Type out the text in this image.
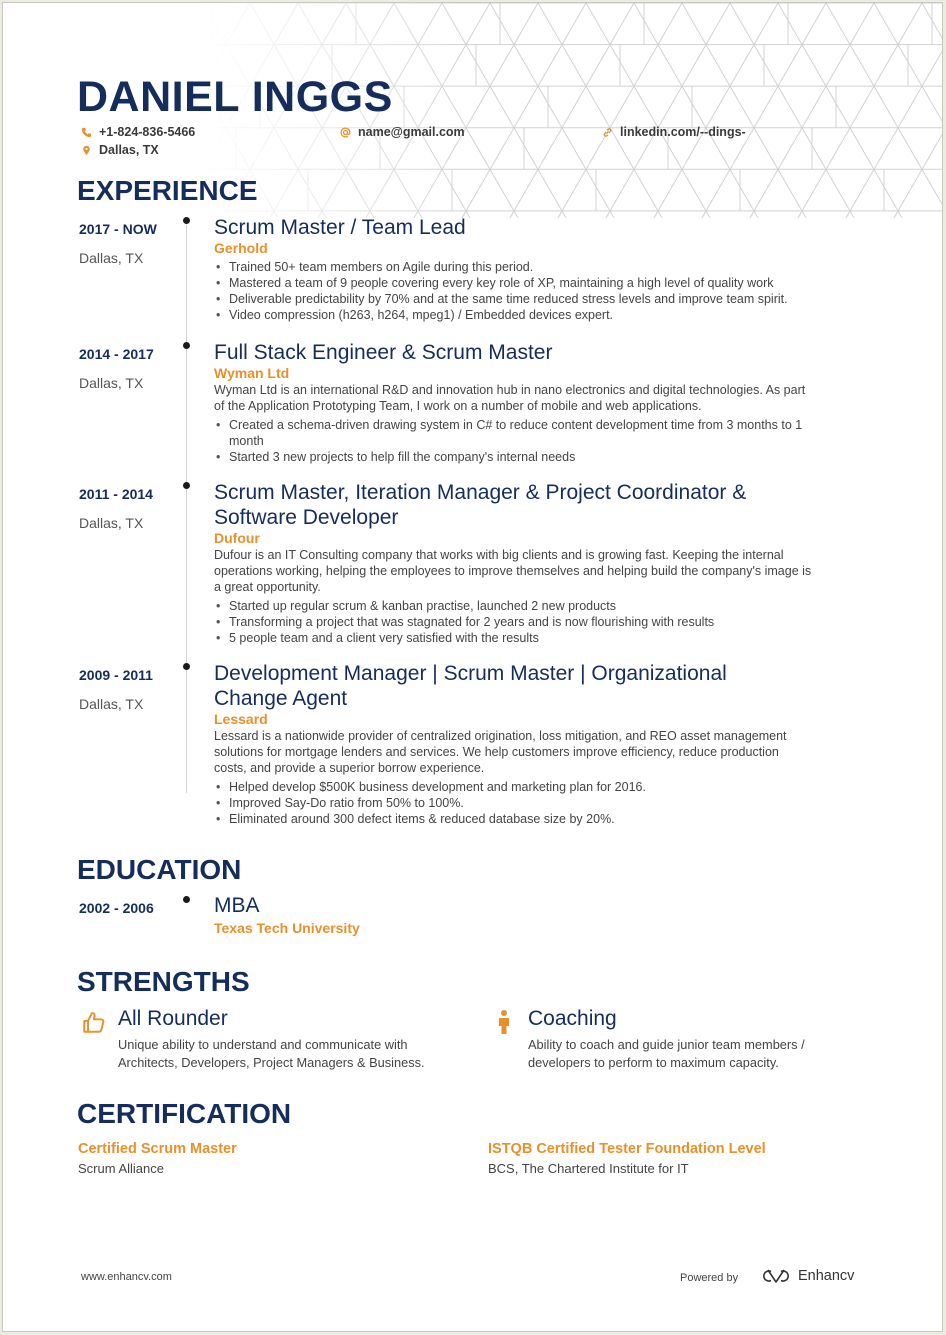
DANIEL INGGS
+1-824-836-5466	name@gmail.com	linkedin.com/--dings-
Dallas, TX
EXPERIENCE
2017 - NOW
Dallas, TX
Scrum Master / Team Lead
Gerhold
• Trained 50+ team members on Agile during this period.
• Mastered a team of 9 people covering every key role of XP, maintaining a high level of quality work
• Deliverable predictability by 70% and at the same time reduced stress levels and improve team spirit.
• Video compression (h263, h264, mpeg1) / Embedded devices expert.
2014 - 2017
Dallas, TX
Full Stack Engineer & Scrum Master
Wyman Ltd
Wyman Ltd is an international R&D and innovation hub in nano electronics and digital technologies. As part
of the Application Prototyping Team, I work on a number of mobile and web applications.
• Created a schema-driven drawing system in C# to reduce content development time from 3 months to 1
month
• Started 3 new projects to help fill the company's internal needs
2011 - 2014
Dallas, TX
Scrum Master, Iteration Manager & Project Coordinator &
Software Developer
Dufour
Dufour is an IT Consulting company that works with big clients and is growing fast. Keeping the internal
operations working, helping the employees to improve themselves and helping build the company's image is
a great opportunity.
• Started up regular scrum & kanban practise, launched 2 new products
• Transforming a project that was stagnated for 2 years and is now flourishing with results
• 5 people team and a client very satisfied with the results
2009 - 2011
Dallas, TX
Development Manager | Scrum Master | Organizational
Change Agent
Lessard
Lessard is a nationwide provider of centralized origination, loss mitigation, and REO asset management
solutions for mortgage lenders and services. We help customers improve efficiency, reduce production
costs, and provide a superior borrow experience.
• Helped develop $500K business development and marketing plan for 2016.
• Improved Say-Do ratio from 50% to 100%.
• Eliminated around 300 defect items & reduced database size by 20%.
EDUCATION
2002 - 2006	MBA
Texas Tech University
STRENGTHS
All Rounder
Unique ability to understand and communicate with
Architects, Developers, Project Managers & Business.
Coaching
Ability to coach and guide junior team members /
developers to perform to maximum capacity.
CERTIFICATION
Certified Scrum Master
Scrum Alliance
ISTQB Certified Tester Foundation Level
BCS, The Chartered Institute for IT
www.enhancv.com	Powered by	Enhancv
